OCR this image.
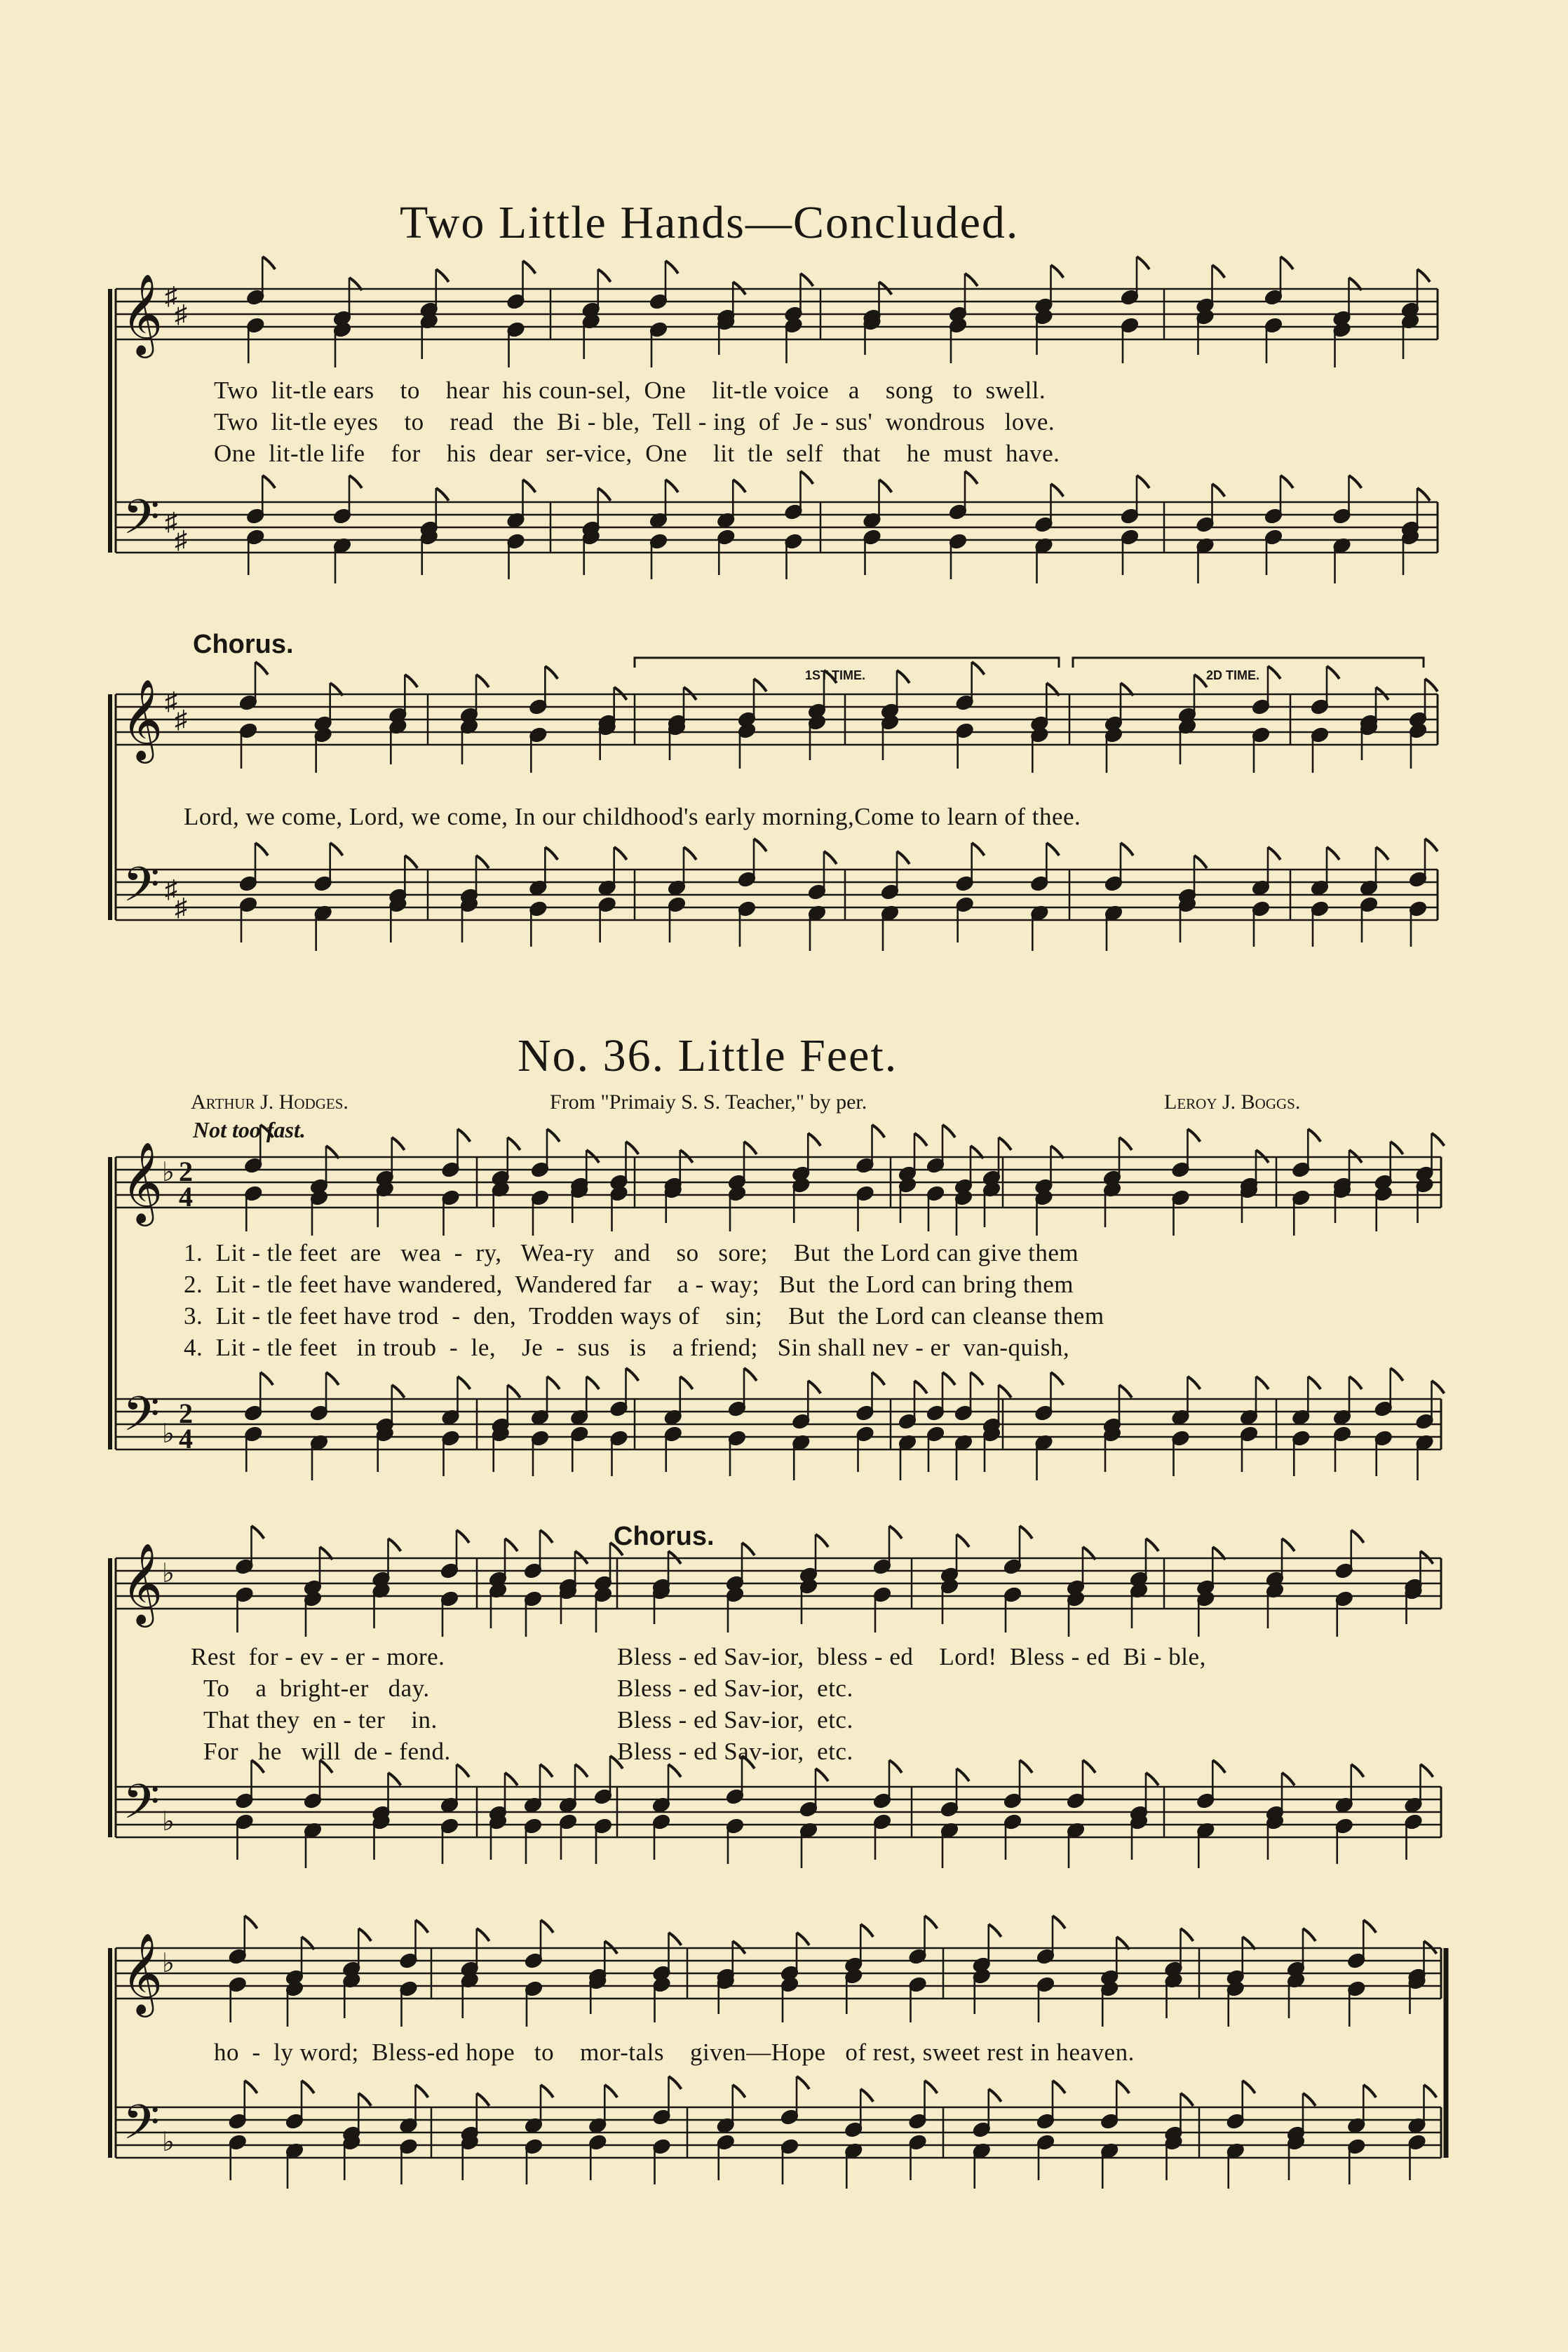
Two Little Hands—Concluded.
Two  lit-tle ears    to    hear  his coun-sel,  One    lit-tle voice   a    song   to  swell.
Two  lit-tle eyes    to    read   the  Bi - ble,  Tell - ing  of  Je - sus'  wondrous   love.
One  lit-tle life    for    his  dear  ser-vice,  One    lit  tle  self   that    he  must  have.
Chorus.
1ST TIME.	2D TIME.
Lord, we come, Lord, we come, In our childhood's early morning,Come to learn of thee.
No. 36. Little Feet.
Arthur J. Hodges.	From "Primaiy S. S. Teacher," by per.	Leroy J. Boggs.
Not too fast.
1.  Lit - tle feet  are   wea  -  ry,   Wea-ry   and    so   sore;    But  the Lord can give them
2.  Lit - tle feet have wandered,  Wandered far    a - way;   But  the Lord can bring them
3.  Lit - tle feet have trod  -  den,  Trodden ways of    sin;    But  the Lord can cleanse them
4.  Lit - tle feet   in troub  -  le,    Je  -  sus   is    a friend;   Sin shall nev - er  van-quish,
Chorus.
Rest  for - ev - er - more.
To    a  bright-er   day.
That they  en - ter    in.
For   he   will  de - fend.
Bless - ed Sav-ior,  bless - ed    Lord!  Bless - ed  Bi - ble,
Bless - ed Sav-ior,  etc.
Bless - ed Sav-ior,  etc.
Bless - ed Sav-ior,  etc.
ho  -  ly word;  Bless-ed hope   to    mor-tals    given—Hope   of rest, sweet rest in heaven.
𝄞
𝄢
♯
♯
♯
♯
𝄞
𝄢
♯
♯
♯
♯
𝄞
𝄢
♭
♭
2
4
2
4
𝄞
𝄢
♭
♭
𝄞
𝄢
♭
♭
